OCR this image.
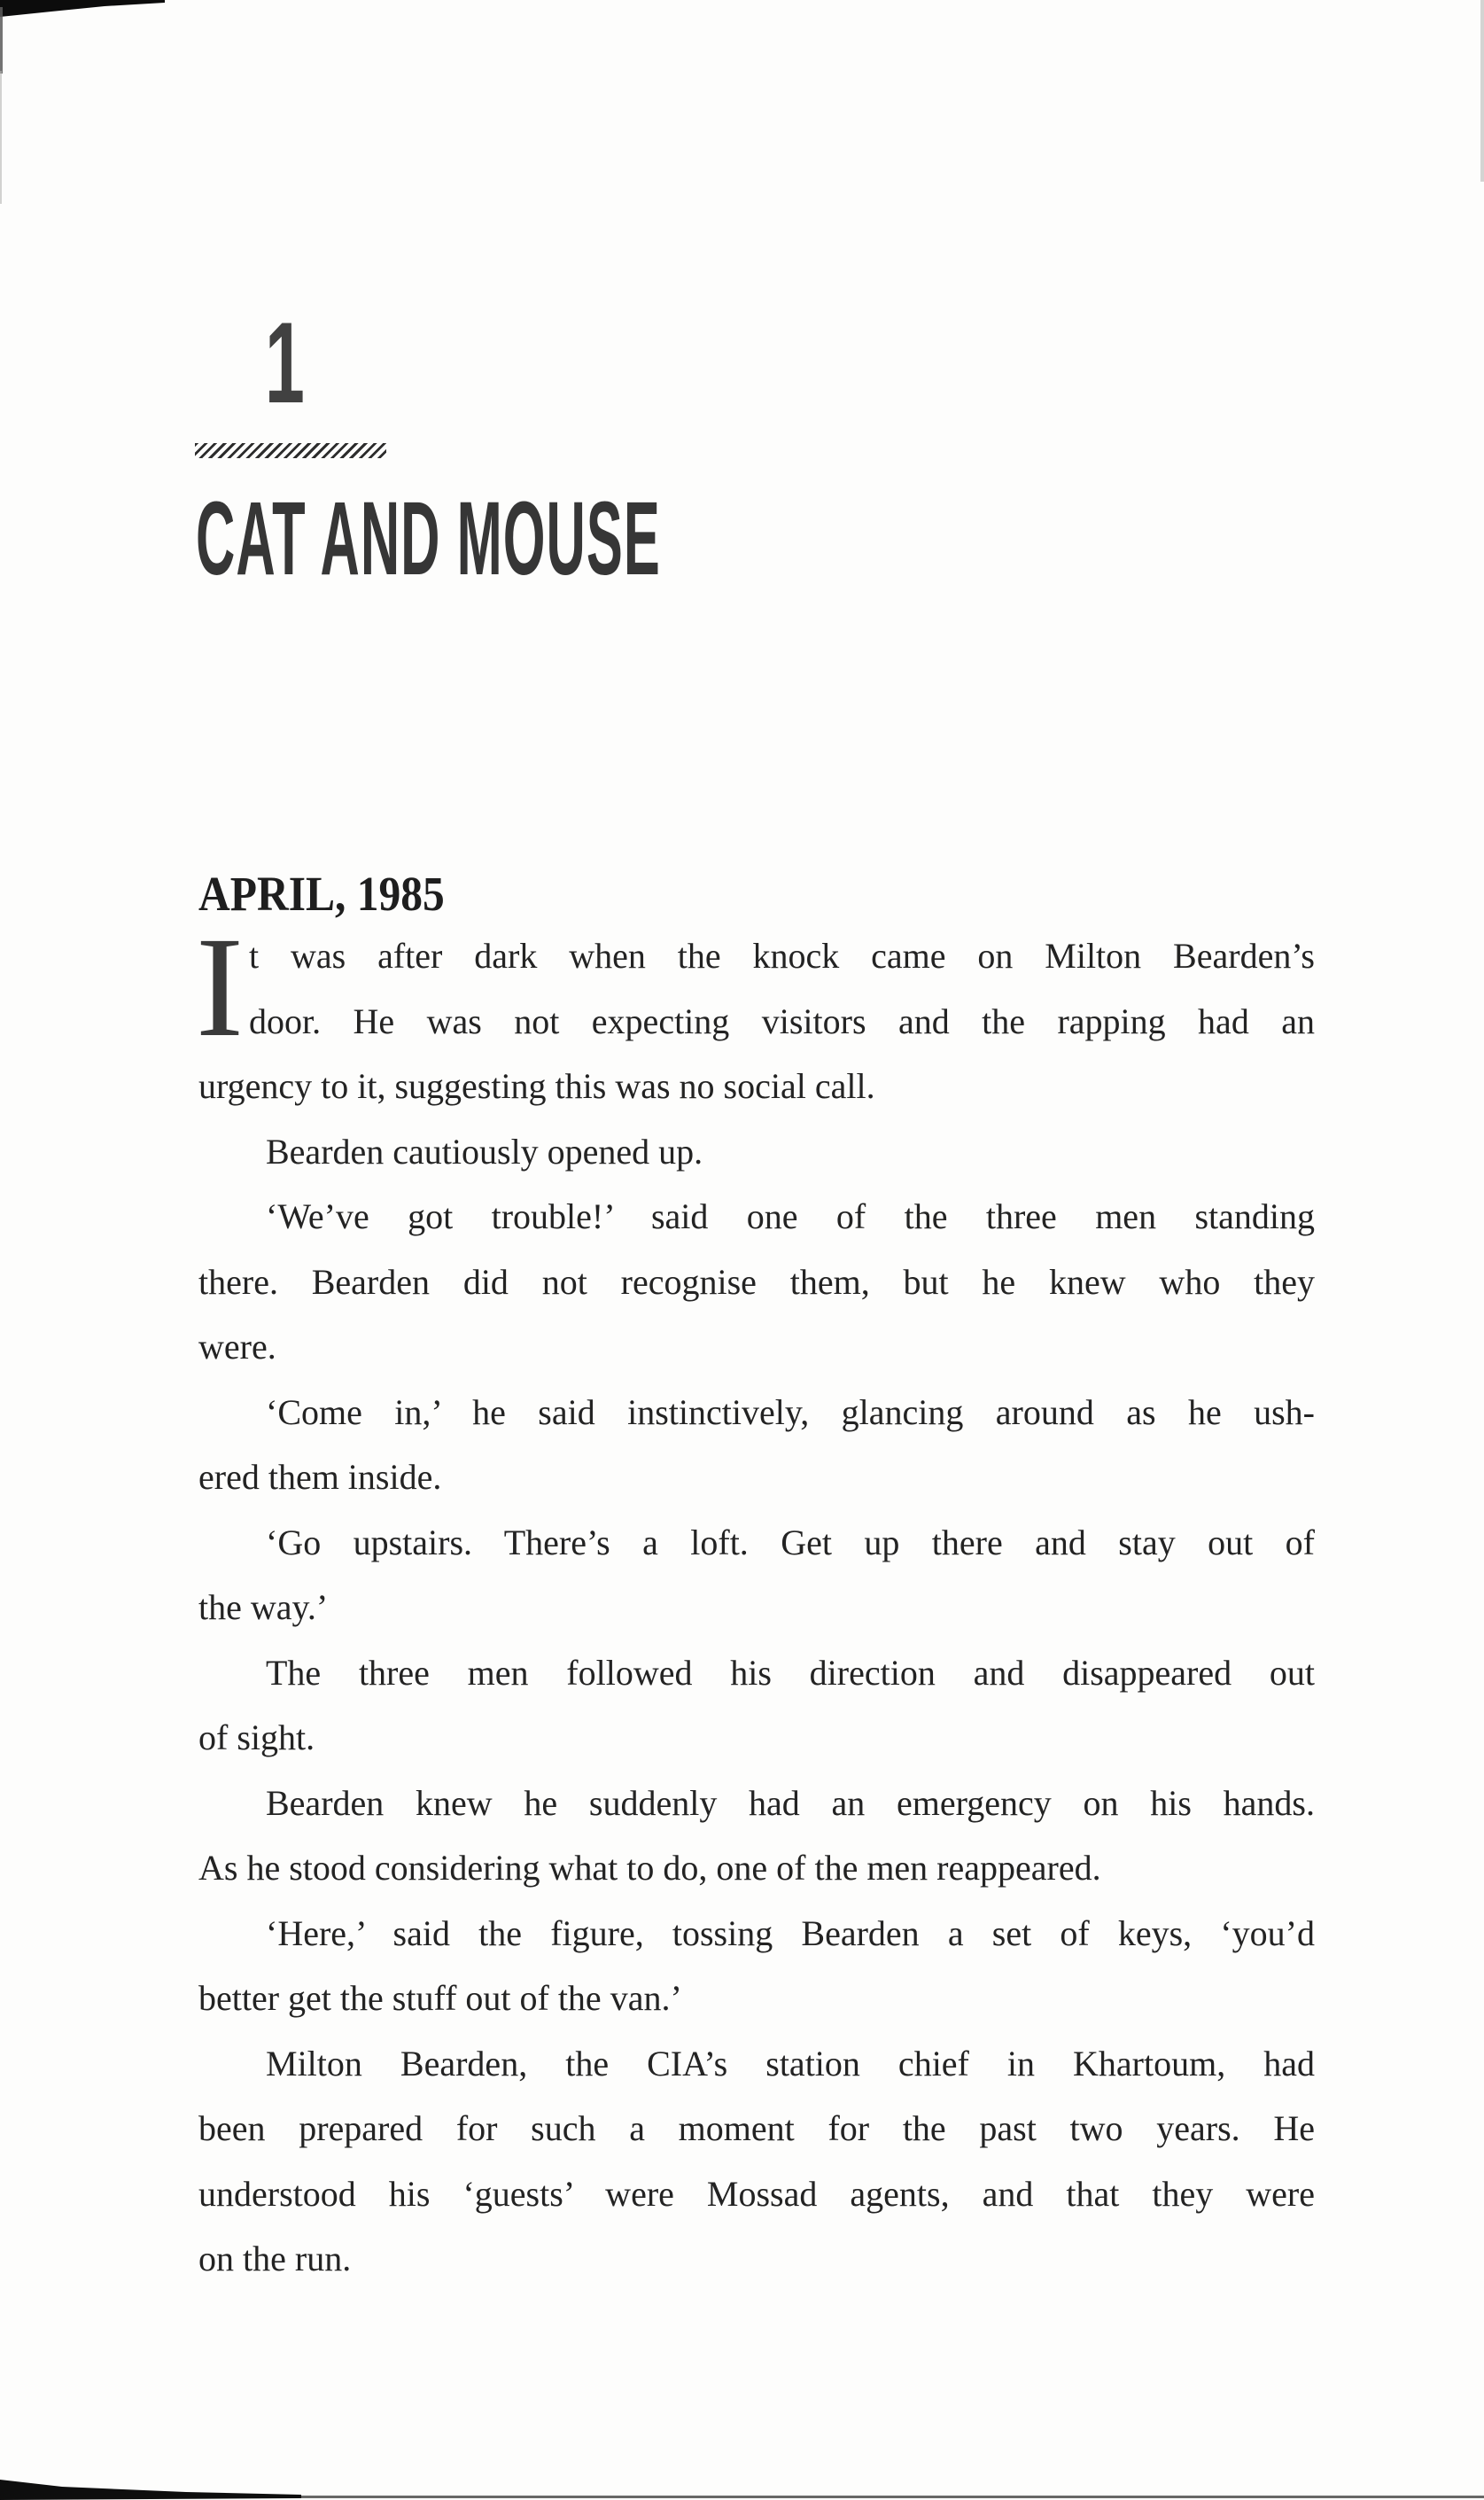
1
CAT AND MOUSE
APRIL, 1985
I t was after dark when the knock came on Milton Bearden’s
door. He was not expecting visitors and the rapping had an
urgency to it, suggesting this was no social call.
Bearden cautiously opened up.
‘We’ve got trouble!’ said one of the three men standing
there. Bearden did not recognise them, but he knew who they
were.
‘Come in,’ he said instinctively, glancing around as he ush-
ered them inside.
‘Go upstairs. There’s a loft. Get up there and stay out of
the way.’
The three men followed his direction and disappeared out
of sight.
Bearden knew he suddenly had an emergency on his hands.
As he stood considering what to do, one of the men reappeared.
‘Here,’ said the figure, tossing Bearden a set of keys, ‘you’d
better get the stuff out of the van.’
Milton Bearden, the CIA’s station chief in Khartoum, had
been prepared for such a moment for the past two years. He
understood his ‘guests’ were Mossad agents, and that they were
on the run.
